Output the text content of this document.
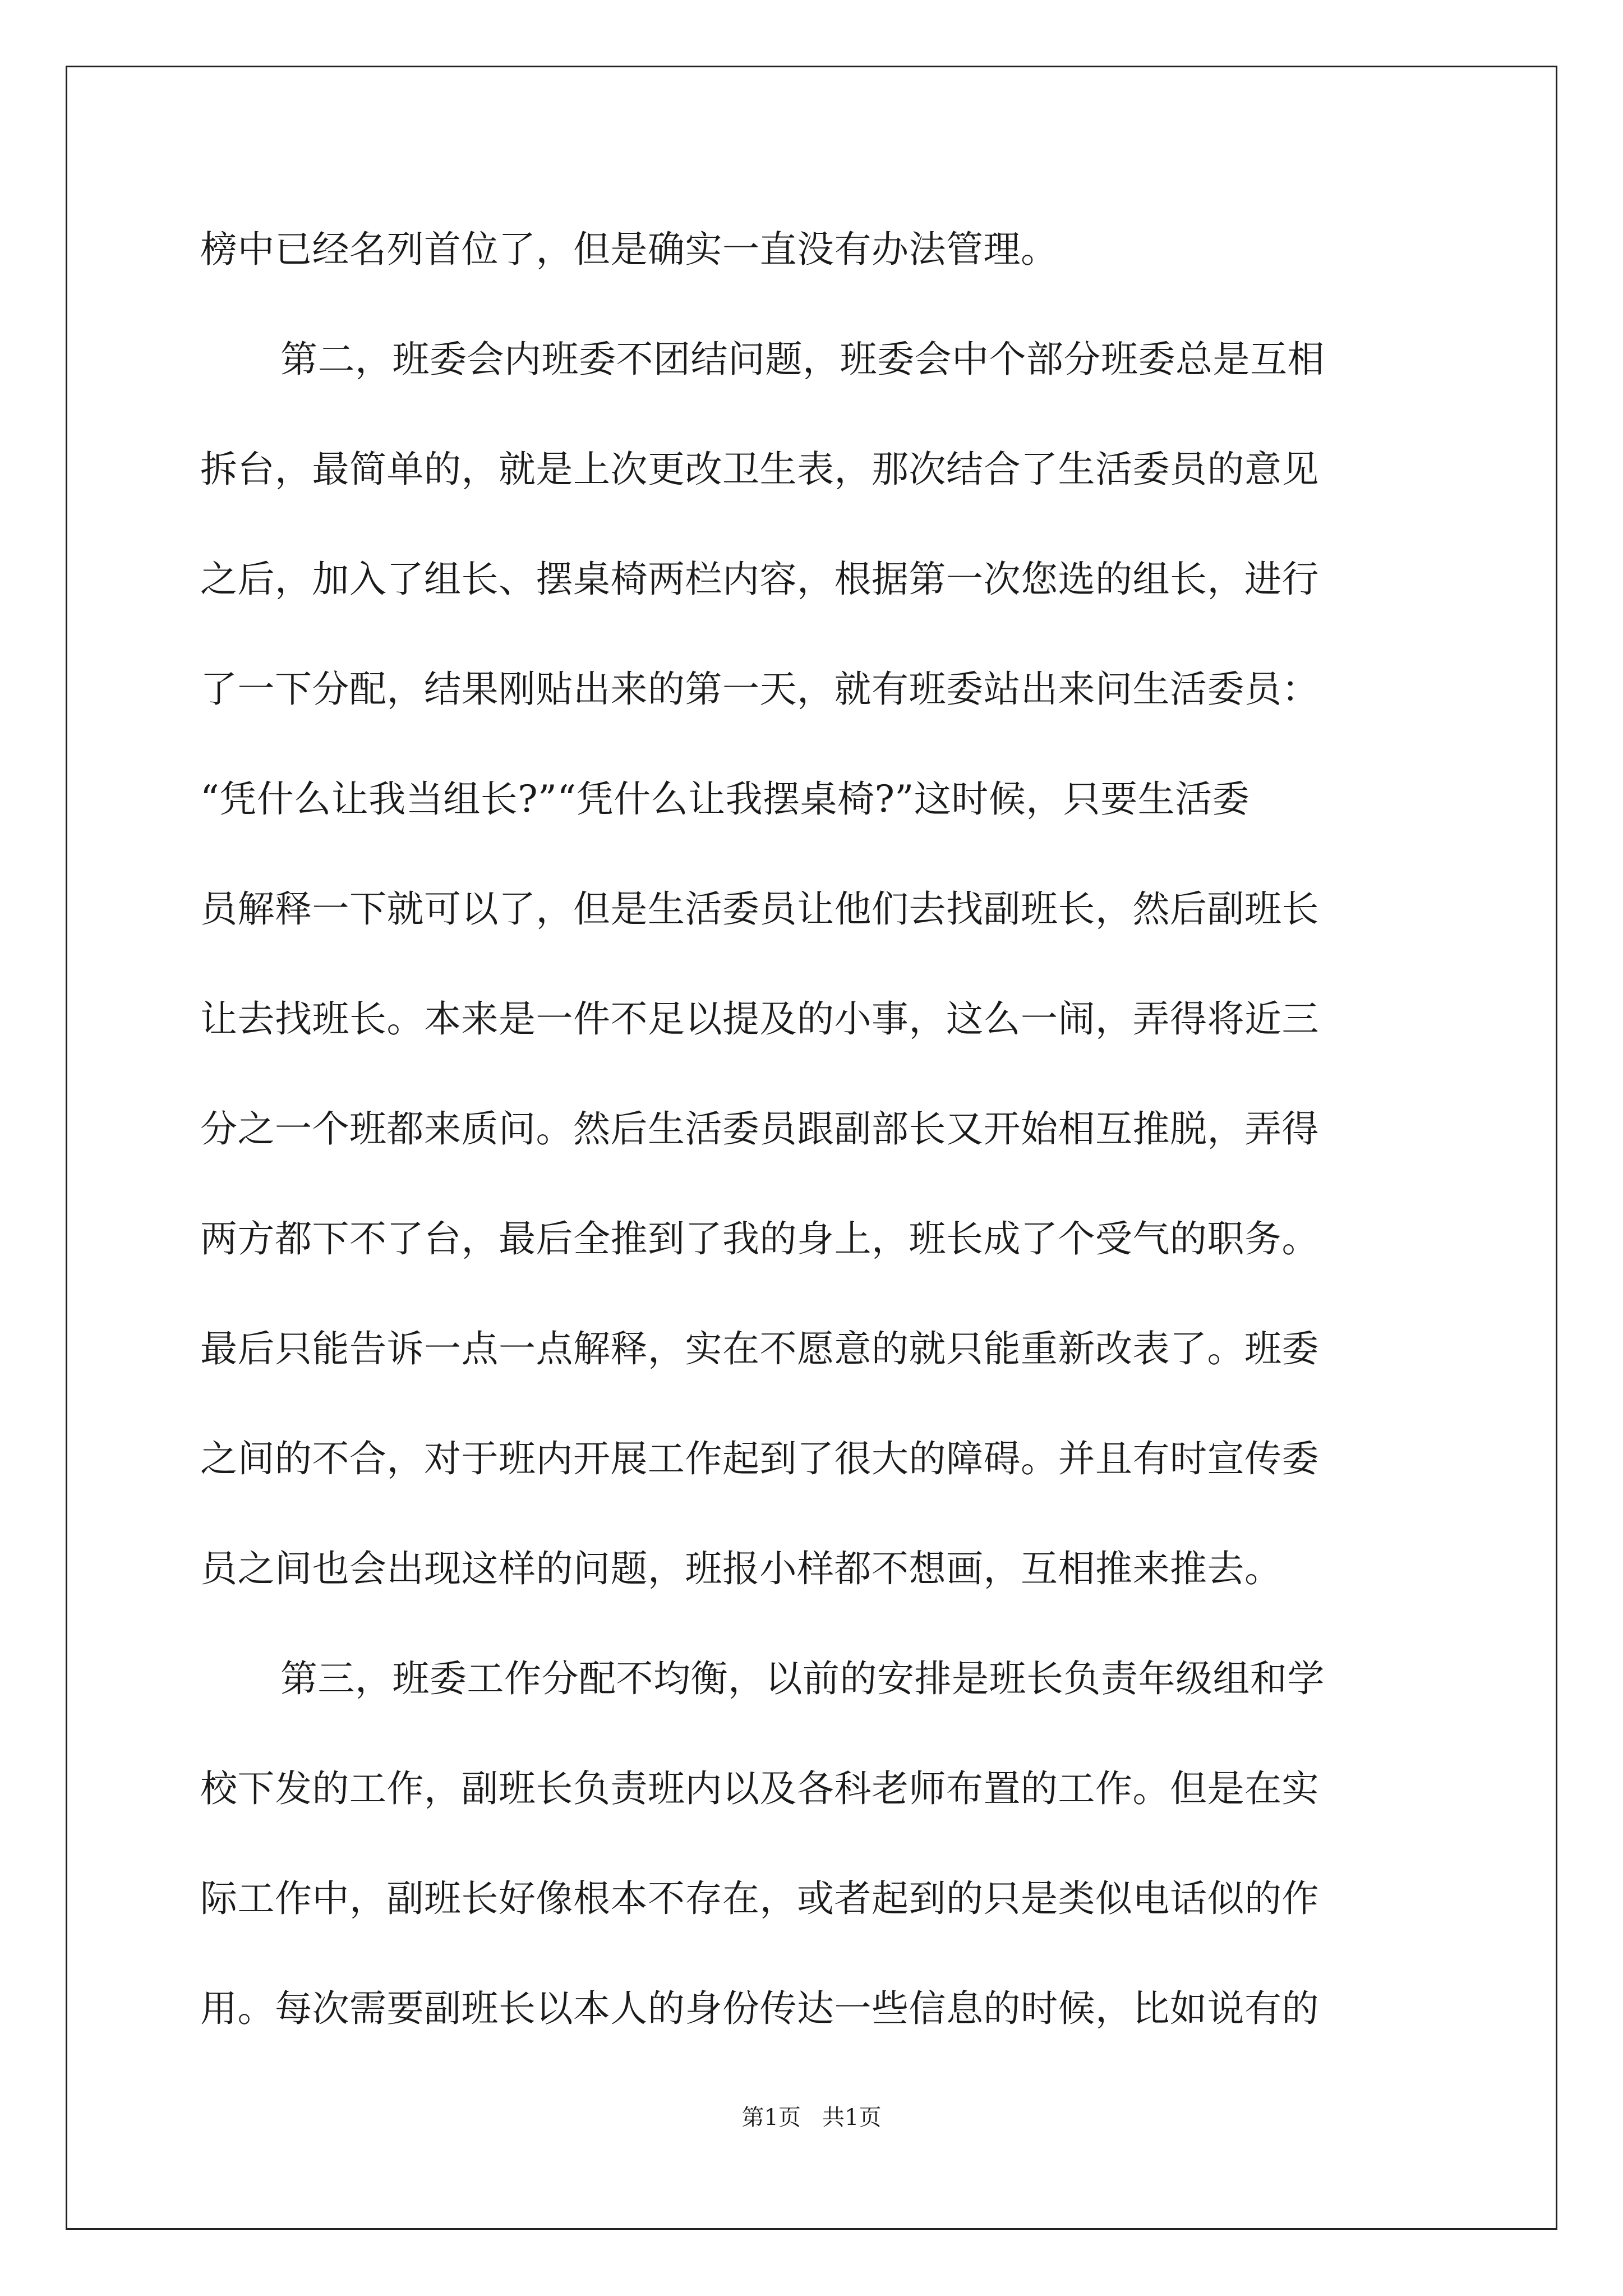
榜中已经名列首位了，但是确实一直没有办法管理。
第二，班委会内班委不团结问题，班委会中个部分班委总是互相
拆台，最简单的，就是上次更改卫生表，那次结合了生活委员的意见
之后，加入了组长、摆桌椅两栏内容，根据第一次您选的组长，进行
了一下分配，结果刚贴出来的第一天，就有班委站出来问生活委员：
“凭什么让我当组长?”“凭什么让我摆桌椅?”这时候，只要生活委
员解释一下就可以了，但是生活委员让他们去找副班长，然后副班长
让去找班长。本来是一件不足以提及的小事，这么一闹，弄得将近三
分之一个班都来质问。然后生活委员跟副部长又开始相互推脱，弄得
两方都下不了台，最后全推到了我的身上，班长成了个受气的职务。
最后只能告诉一点一点解释，实在不愿意的就只能重新改表了。班委
之间的不合，对于班内开展工作起到了很大的障碍。并且有时宣传委
员之间也会出现这样的问题，班报小样都不想画，互相推来推去。
第三，班委工作分配不均衡，以前的安排是班长负责年级组和学
校下发的工作，副班长负责班内以及各科老师布置的工作。但是在实
际工作中，副班长好像根本不存在，或者起到的只是类似电话似的作
用。每次需要副班长以本人的身份传达一些信息的时候，比如说有的
第1页   共1页
